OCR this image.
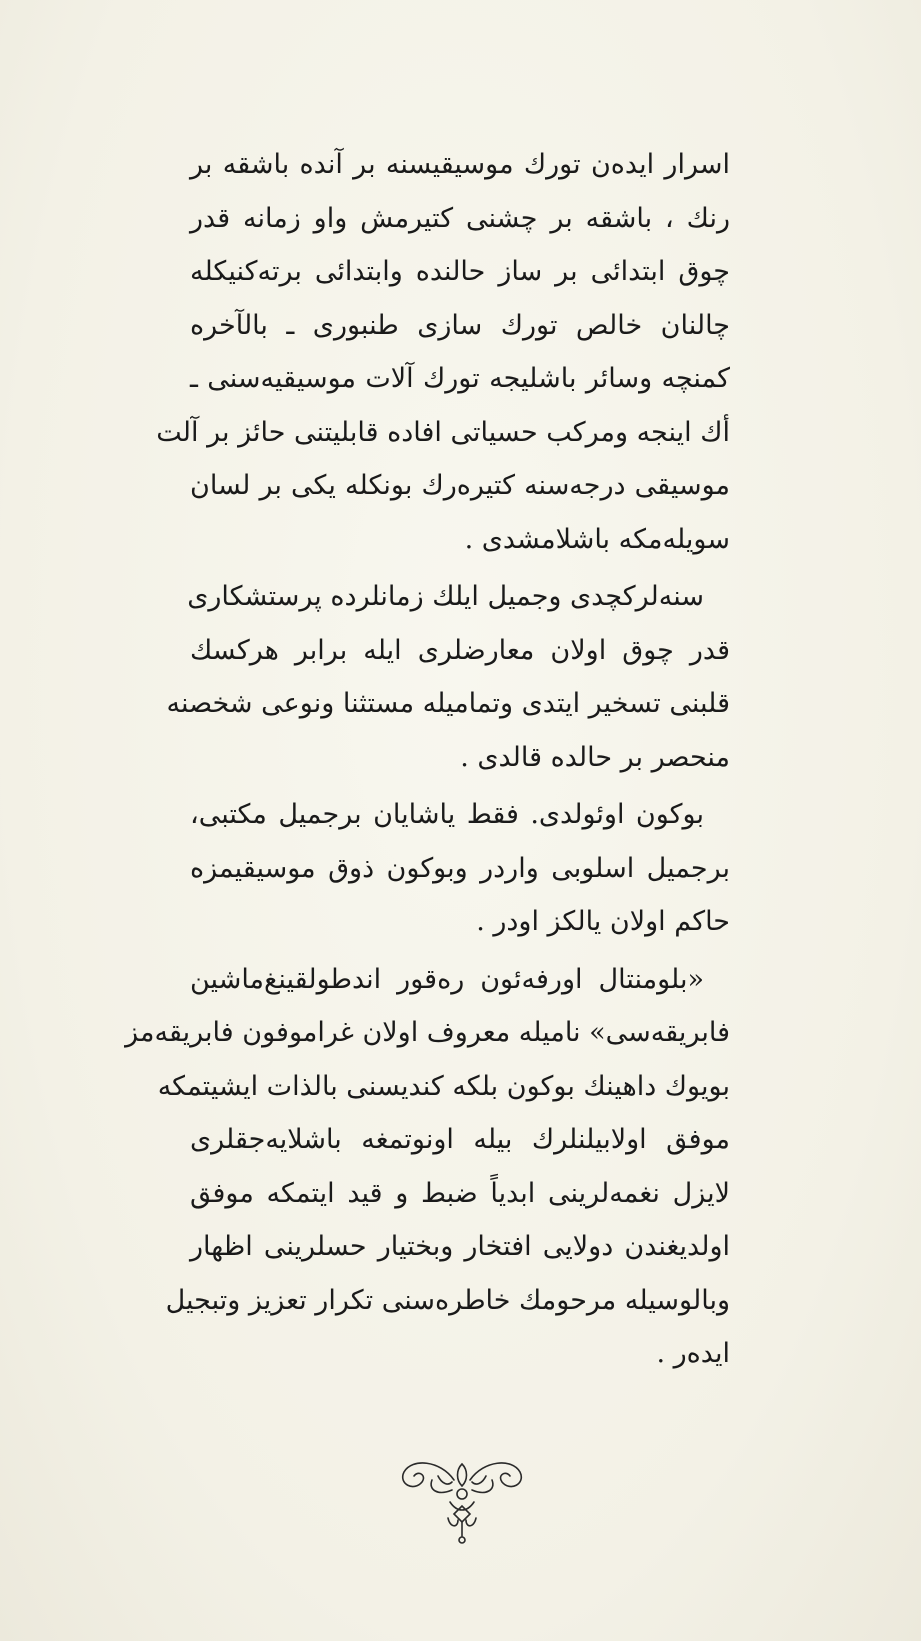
اسرار ایده‌ن تورك موسیقیسنه بر آنده باشقه بر
رنك ، باشقه بر چشنی کتیرمش واو زمانه قدر
چوق ابتدائی بر ساز حالنده وابتدائی برته‌کنیکله
چالنان خالص تورك سازی طنبوری ـ بالآخره
کمنچه وسائر باشلیجه تورك آلات موسیقیه‌سنی ـ
أك اینجه ومرکب حسیاتی افاده قابلیتنی حائز بر آلت
موسیقی درجه‌سنه کتیره‌رك بونکله یکی بر لسان
سویله‌مکه باشلامشدی .
سنه‌لرکچدی وجمیل ایلك زمانلرده پرستشکاری
قدر چوق اولان معارضلری ایله برابر هرکسك
قلبنی تسخیر ایتدی وتمامیله مستثنا ونوعی شخصنه
منحصر بر حالده قالدی .
بوکون اوئولدی. فقط یاشایان برجمیل مکتبی،
برجمیل اسلوبی واردر وبوکون ذوق موسیقیمزه
حاکم اولان یالکز اودر .
«بلومنتال اورفه‌ئون ره‌قور اندطولقینغ‌ماشین
فابریقه‌سی» نامیله معروف اولان غراموفون فابریقه‌مز
بویوك داهینك بوکون بلکه کندیسنی بالذات ایشیتمکه
موفق اولابیلنلرك بیله اونوتمغه باشلایه‌جقلری
لایزل نغمه‌لرینی ابدیاً ضبط و قید ایتمکه موفق
اولدیغندن دولایی افتخار وبختیار حسلرینی اظهار
وبالوسیله مرحومك خاطره‌سنی تکرار تعزیز وتبجیل
ایده‌ر .
